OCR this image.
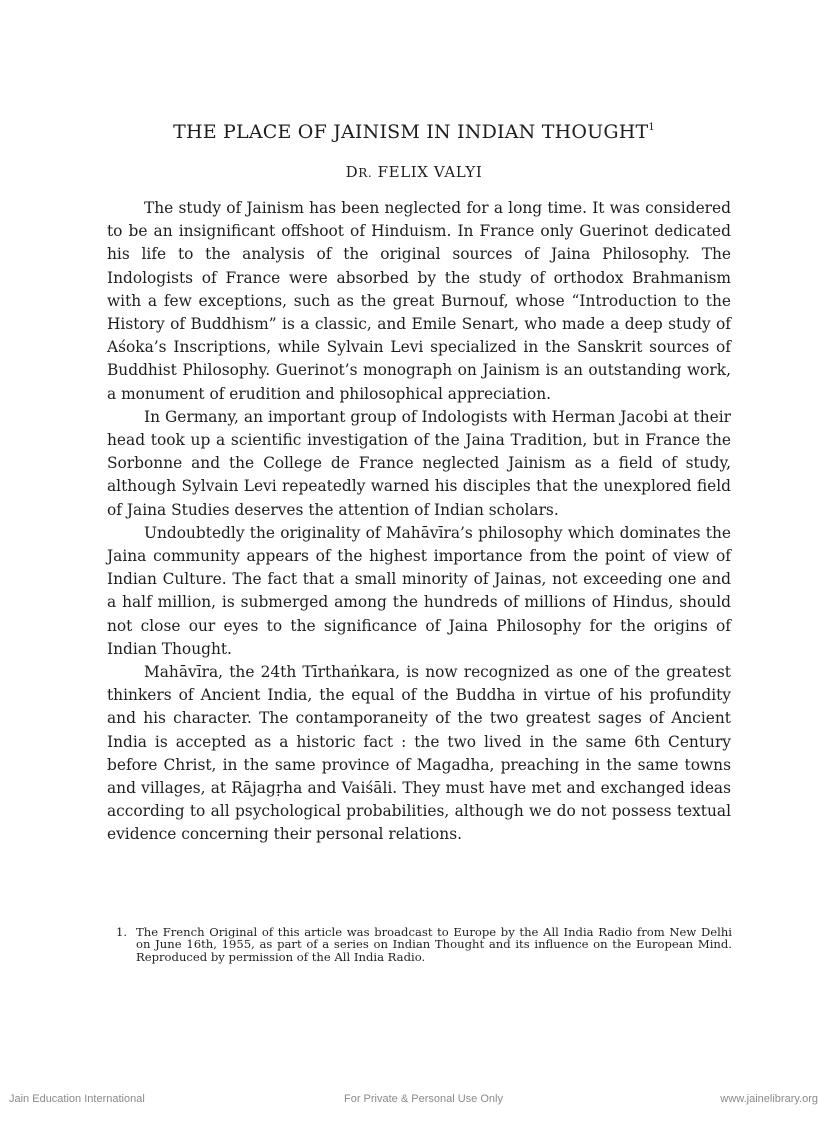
THE PLACE OF JAINISM IN INDIAN THOUGHT$^1$

DR. FELIX VALYI

The study of Jainism has been neglected for a long time. It was considered to be an insignificant offshoot of Hinduism. In France only Guerinot dedicated his life to the analysis of the original sources of Jaina Philosophy. The Indologists of France were absorbed by the study of orthodox Brahmanism with a few exceptions, such as the great Burnouf, whose “Introduction to the History of Buddhism” is a classic, and Emile Senart, who made a deep study of Aśoka’s Inscriptions, while Sylvain Levi specialized in the Sanskrit sources of Buddhist Philosophy. Guerinot’s monograph on Jainism is an outstanding work, a monument of erudition and philosophical appreciation.

In Germany, an important group of Indologists with Herman Jacobi at their head took up a scientific investigation of the Jaina Tradition, but in France the Sorbonne and the College de France neglected Jainism as a field of study, although Sylvain Levi repeatedly warned his disciples that the unexplored field of Jaina Studies deserves the attention of Indian scholars.

Undoubtedly the originality of Mahāvīra’s philosophy which dominates the Jaina community appears of the highest importance from the point of view of Indian Culture. The fact that a small minority of Jainas, not exceeding one and a half million, is submerged among the hundreds of millions of Hindus, should not close our eyes to the significance of Jaina Philosophy for the origins of Indian Thought.

Mahāvīra, the 24th Tīrthaṅkara, is now recognized as one of the greatest thinkers of Ancient India, the equal of the Buddha in virtue of his profundity and his character. The contamporaneity of the two greatest sages of Ancient India is accepted as a historic fact : the two lived in the same 6th Century before Christ, in the same province of Magadha, preaching in the same towns and villages, at Rājagṛha and Vaiśāli. They must have met and exchanged ideas according to all psychological probabilities, although we do not possess textual evidence concerning their personal relations.

1. The French Original of this article was broadcast to Europe by the All India Radio from New Delhi on June 16th, 1955, as part of a series on Indian Thought and its influence on the European Mind. Reproduced by permission of the All India Radio.
Jain Education International	For Private & Personal Use Only	www.jainelibrary.org
